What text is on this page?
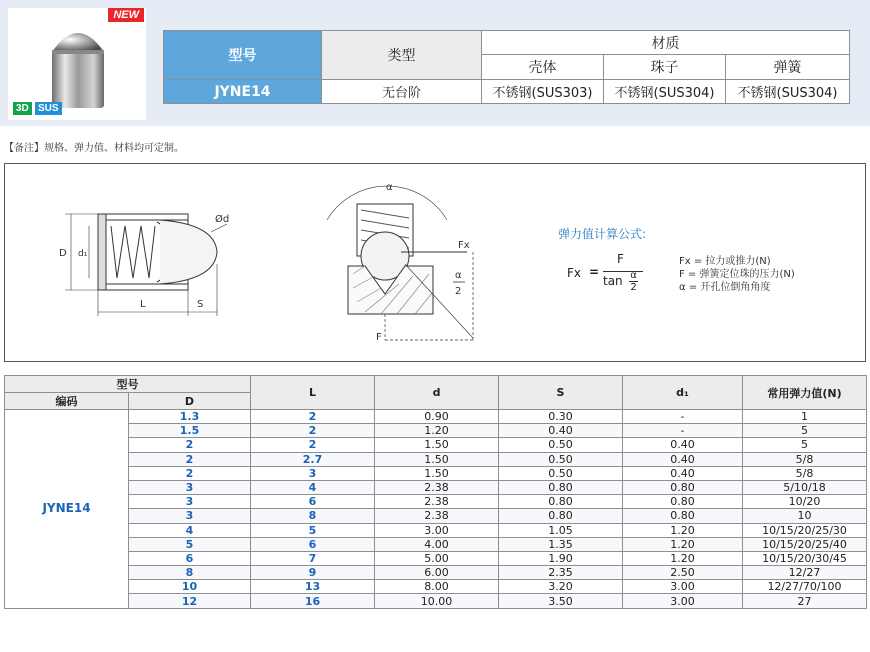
NEW
3D SUS
型号	类型	材质		
		壳体	珠子	弹簧
JYNE14	无台阶	不锈钢(SUS303)	不锈钢(SUS304)	不锈钢(SUS304)
【备注】规格、弹力值、材料均可定制。
Ød
D d₁
L	S
α
Fx
F
α
2
弹力值计算公式:
Fx =
F
tan α
2
Fx = 拉力或推力(N)
F = 弹簧定位珠的压力(N)
α = 开孔位倒角角度
型号		L	d	S	d₁	常用弹力值(N)
编码	D					
JYNE14	1.3	2	0.90	0.30	-	1
	1.5	2	1.20	0.40	-	5
	2	2	1.50	0.50	0.40	5
	2	2.7	1.50	0.50	0.40	5/8
	2	3	1.50	0.50	0.40	5/8
	3	4	2.38	0.80	0.80	5/10/18
	3	6	2.38	0.80	0.80	10/20
	3	8	2.38	0.80	0.80	10
	4	5	3.00	1.05	1.20	10/15/20/25/30
	5	6	4.00	1.35	1.20	10/15/20/25/40
	6	7	5.00	1.90	1.20	10/15/20/30/45
	8	9	6.00	2.35	2.50	12/27
	10	13	8.00	3.20	3.00	12/27/70/100
	12	16	10.00	3.50	3.00	27
